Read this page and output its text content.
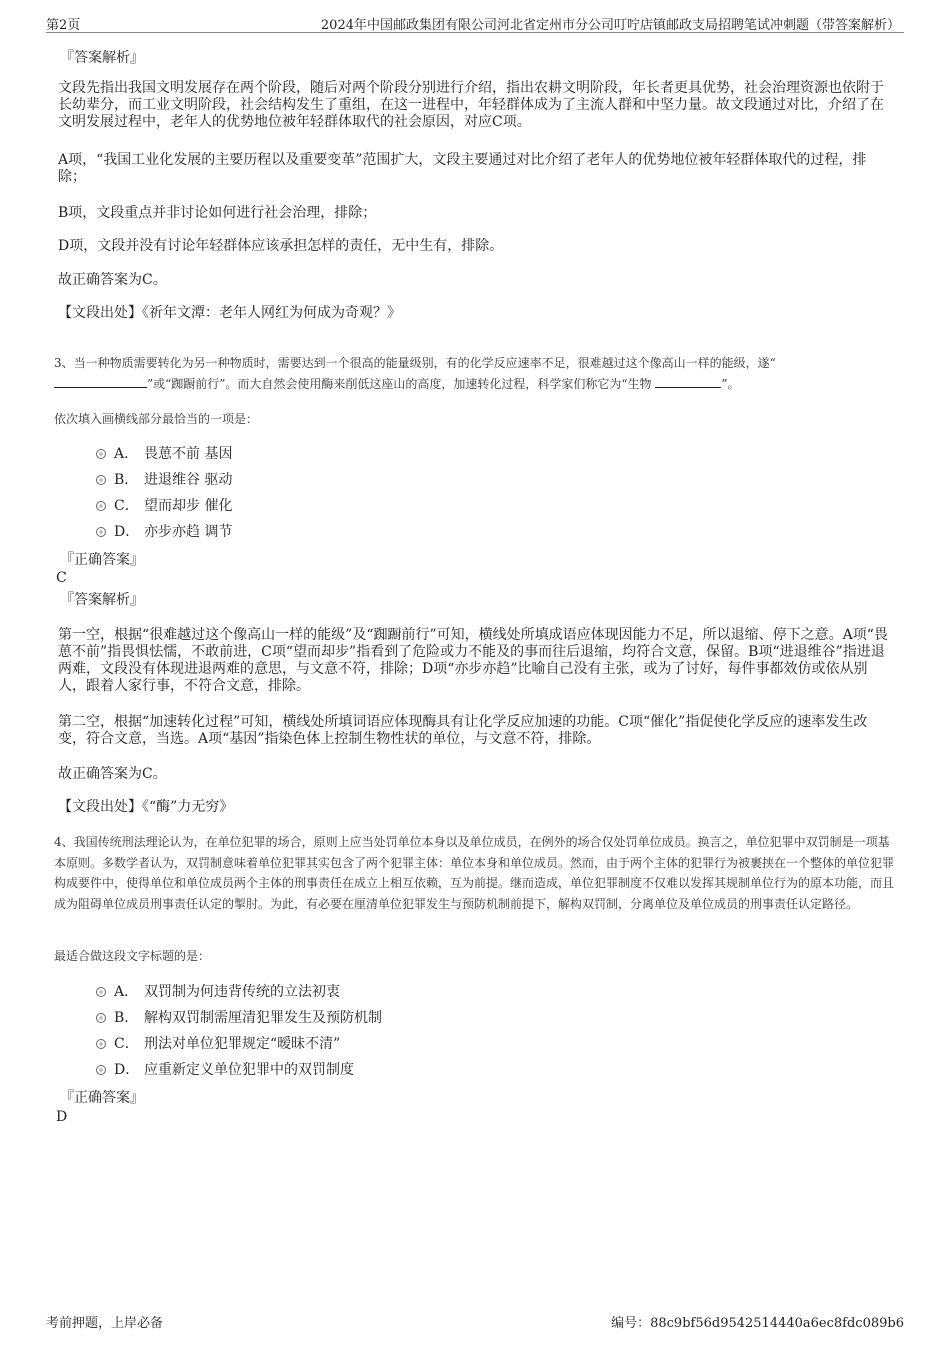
第2页	2024年中国邮政集团有限公司河北省定州市分公司叮咛店镇邮政支局招聘笔试冲刺题（带答案解析）
『答案解析』

文段先指出我国文明发展存在两个阶段，随后对两个阶段分别进行介绍，指出农耕文明阶段，年长者更具优势，社会治理资源也依附于长幼辈分，而工业文明阶段，社会结构发生了重组，在这一进程中，年轻群体成为了主流人群和中坚力量。故文段通过对比，介绍了在文明发展过程中，老年人的优势地位被年轻群体取代的社会原因，对应C项。

A项，“我国工业化发展的主要历程以及重要变革”范围扩大，文段主要通过对比介绍了老年人的优势地位被年轻群体取代的过程，排除；

B项，文段重点并非讨论如何进行社会治理，排除；

D项，文段并没有讨论年轻群体应该承担怎样的责任，无中生有，排除。

故正确答案为C。

【文段出处】《祈年文潭：老年人网红为何成为奇观？》

3、当一种物质需要转化为另一种物质时，需要达到一个很高的能量级别，有的化学反应速率不足，很难越过这个像高山一样的能级，遂“
”或“踟蹰前行”。而大自然会使用酶来削低这座山的高度，加速转化过程，科学家们称它为“生物	”。

依次填入画横线部分最恰当的一项是：

A． 畏葸不前 基因
B． 进退维谷 驱动
C． 望而却步 催化
D． 亦步亦趋 调节
『正确答案』
C
『答案解析』

第一空，根据“很难越过这个像高山一样的能级”及“踟蹰前行”可知，横线处所填成语应体现因能力不足，所以退缩、停下之意。A项“畏葸不前”指畏惧怯懦，不敢前进，C项“望而却步”指看到了危险或力不能及的事而往后退缩，均符合文意，保留。B项“进退维谷”指进退两难，文段没有体现进退两难的意思，与文意不符，排除；D项“亦步亦趋”比喻自己没有主张，或为了讨好，每件事都效仿或依从别人，跟着人家行事，不符合文意，排除。

第二空，根据“加速转化过程”可知，横线处所填词语应体现酶具有让化学反应加速的功能。C项“催化”指促使化学反应的速率发生改变，符合文意，当选。A项“基因”指染色体上控制生物性状的单位，与文意不符，排除。

故正确答案为C。

【文段出处】《“酶”力无穷》

4、我国传统刑法理论认为，在单位犯罪的场合，原则上应当处罚单位本身以及单位成员，在例外的场合仅处罚单位成员。换言之，单位犯罪中双罚制是一项基本原则。多数学者认为，双罚制意味着单位犯罪其实包含了两个犯罪主体：单位本身和单位成员。然而，由于两个主体的犯罪行为被裹挟在一个整体的单位犯罪构成要件中，使得单位和单位成员两个主体的刑事责任在成立上相互依赖，互为前提。继而造成，单位犯罪制度不仅难以发挥其规制单位行为的原本功能，而且成为阻碍单位成员刑事责任认定的掣肘。为此，有必要在厘清单位犯罪发生与预防机制前提下，解构双罚制，分离单位及单位成员的刑事责任认定路径。

最适合做这段文字标题的是：

A． 双罚制为何违背传统的立法初衷
B． 解构双罚制需厘清犯罪发生及预防机制
C． 刑法对单位犯罪规定“暧昧不清”
D． 应重新定义单位犯罪中的双罚制度
『正确答案』
D
考前押题，上岸必备	编号：88c9bf56d9542514440a6ec8fdc089b6
